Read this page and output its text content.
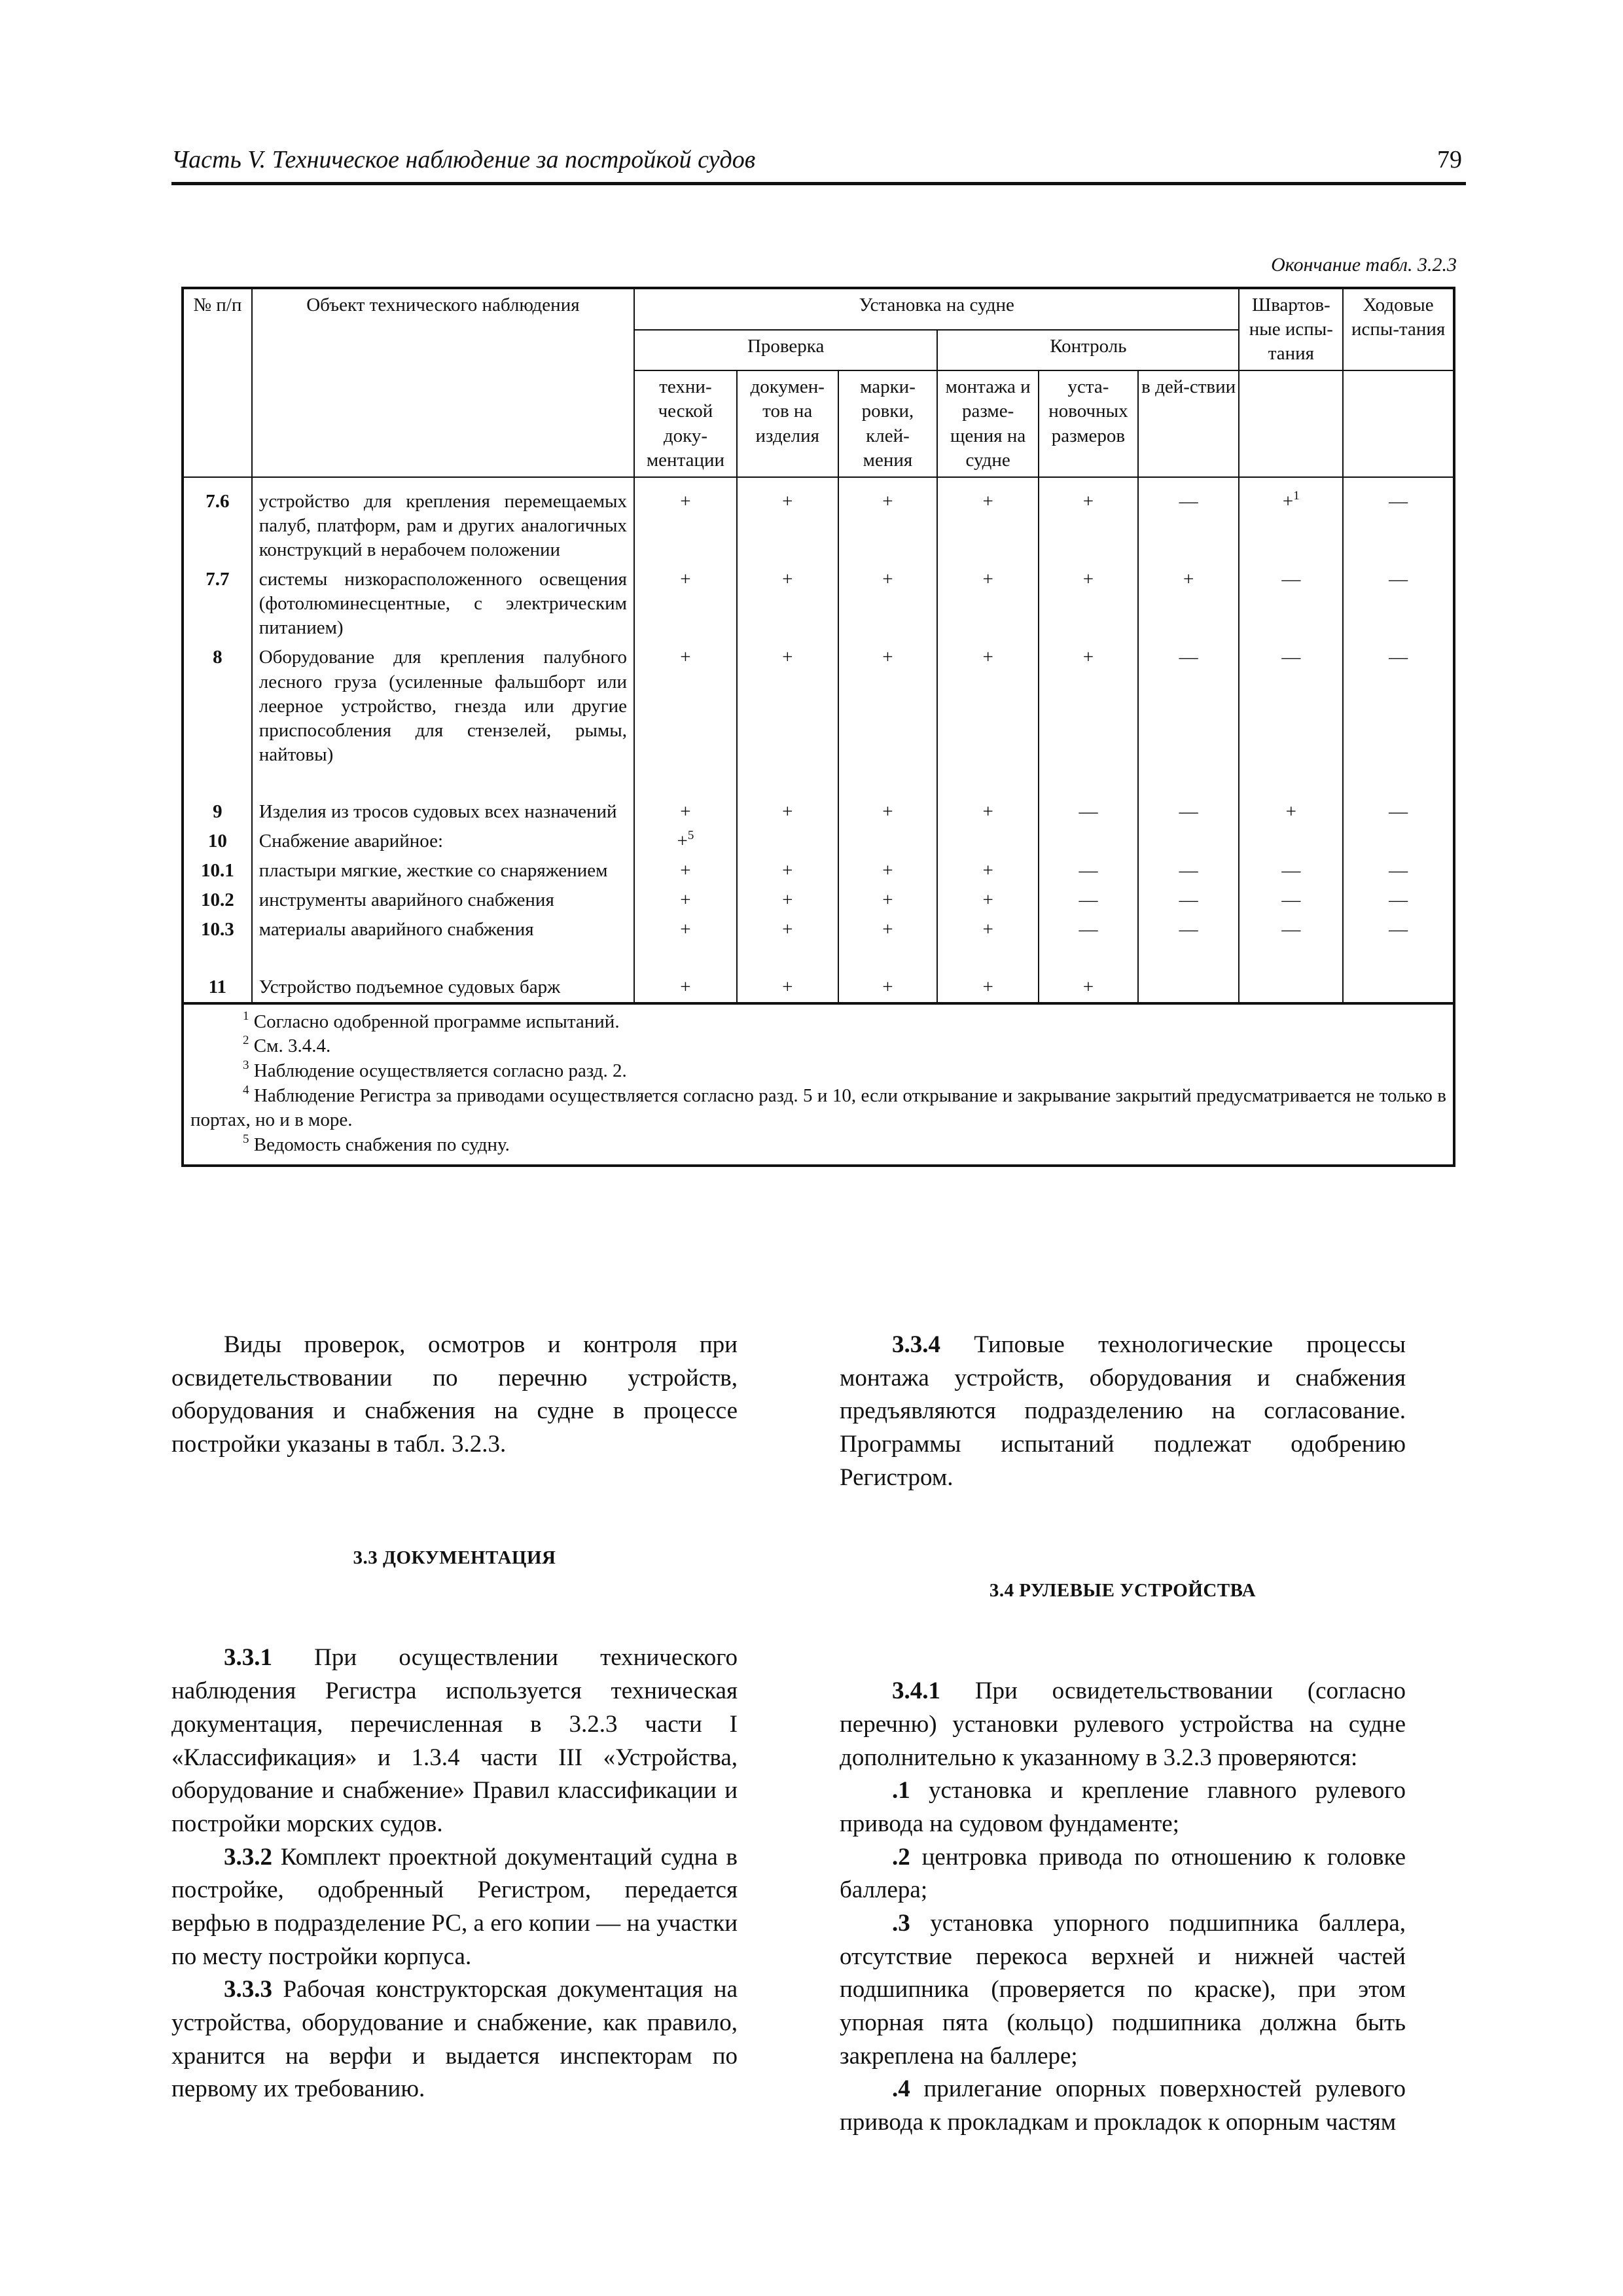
Часть V. Техническое наблюдение за постройкой судов	79
Окончание табл. 3.2.3
№ п/п	Объект технического наблюдения	Установка на судне						Швартов-ные испы-тания	Ходовые испы-тания
		Проверка			Контроль				
		техни-ческой доку-ментации	докумен-тов на изделия	марки-ровки, клей-мения	монтажа и разме-щения на судне	уста-новочных размеров	в дей-ствии		
7.6	устройство для крепления перемещаемых палуб, платформ, рам и других аналогичных конструкций в нерабочем положении	+	+	+	+	+	—	+$^1$	—
7.7	системы низкорасположенного освещения (фотолюминесцентные, с электрическим питанием)	+	+	+	+	+	+	—	—
8	Оборудование для крепления палубного лесного груза (усиленные фальшборт или леерное устройство, гнезда или другие приспособления для стензелей, рымы, найтовы)	+	+	+	+	+	—	—	—
9	Изделия из тросов судовых всех назначений	+	+	+	+	—	—	+	—
10	Снабжение аварийное:	+$^5$							
10.1	пластыри мягкие, жесткие со снаряжением	+	+	+	+	—	—	—	—
10.2	инструменты аварийного снабжения	+	+	+	+	—	—	—	—
10.3	материалы аварийного снабжения	+	+	+	+	—	—	—	—
11	Устройство подъемное судовых барж	+	+	+	+	+			

$^1$ Согласно одобренной программе испытаний.
$^2$ См. 3.4.4.
$^3$ Наблюдение осуществляется согласно разд. 2.
$^4$ Наблюдение Регистра за приводами осуществляется согласно разд. 5 и 10, если открывание и закрывание закрытий предусматривается не только в портах, но и в море.
$^5$ Ведомость снабжения по судну.									

Виды проверок, осмотров и контроля при освидетельствовании по перечню устройств, оборудования и снабжения на судне в процессе постройки указаны в табл. 3.2.3.

3.3 ДОКУМЕНТАЦИЯ

3.3.1 При осуществлении технического наблюдения Регистра используется техническая документация, перечисленная в 3.2.3 части I «Классификация» и 1.3.4 части III «Устройства, оборудование и снабжение» Правил классификации и постройки морских судов.

3.3.2 Комплект проектной документаций судна в постройке, одобренный Регистром, передается верфью в подразделение РС, а его копии — на участки по месту постройки корпуса.

3.3.3 Рабочая конструкторская документация на устройства, оборудование и снабжение, как правило, хранится на верфи и выдается инспекторам по первому их требованию.

3.3.4 Типовые технологические процессы монтажа устройств, оборудования и снабжения предъявляются подразделению на согласование. Программы испытаний подлежат одобрению Регистром.

3.4 РУЛЕВЫЕ УСТРОЙСТВА

3.4.1 При освидетельствовании (согласно перечню) установки рулевого устройства на судне дополнительно к указанному в 3.2.3 проверяются:

.1 установка и крепление главного рулевого привода на судовом фундаменте;

.2 центровка привода по отношению к головке баллера;

.3 установка упорного подшипника баллера, отсутствие перекоса верхней и нижней частей подшипника (проверяется по краске), при этом упорная пята (кольцо) подшипника должна быть закреплена на баллере;

.4 прилегание опорных поверхностей рулевого привода к прокладкам и прокладок к опорным частям
